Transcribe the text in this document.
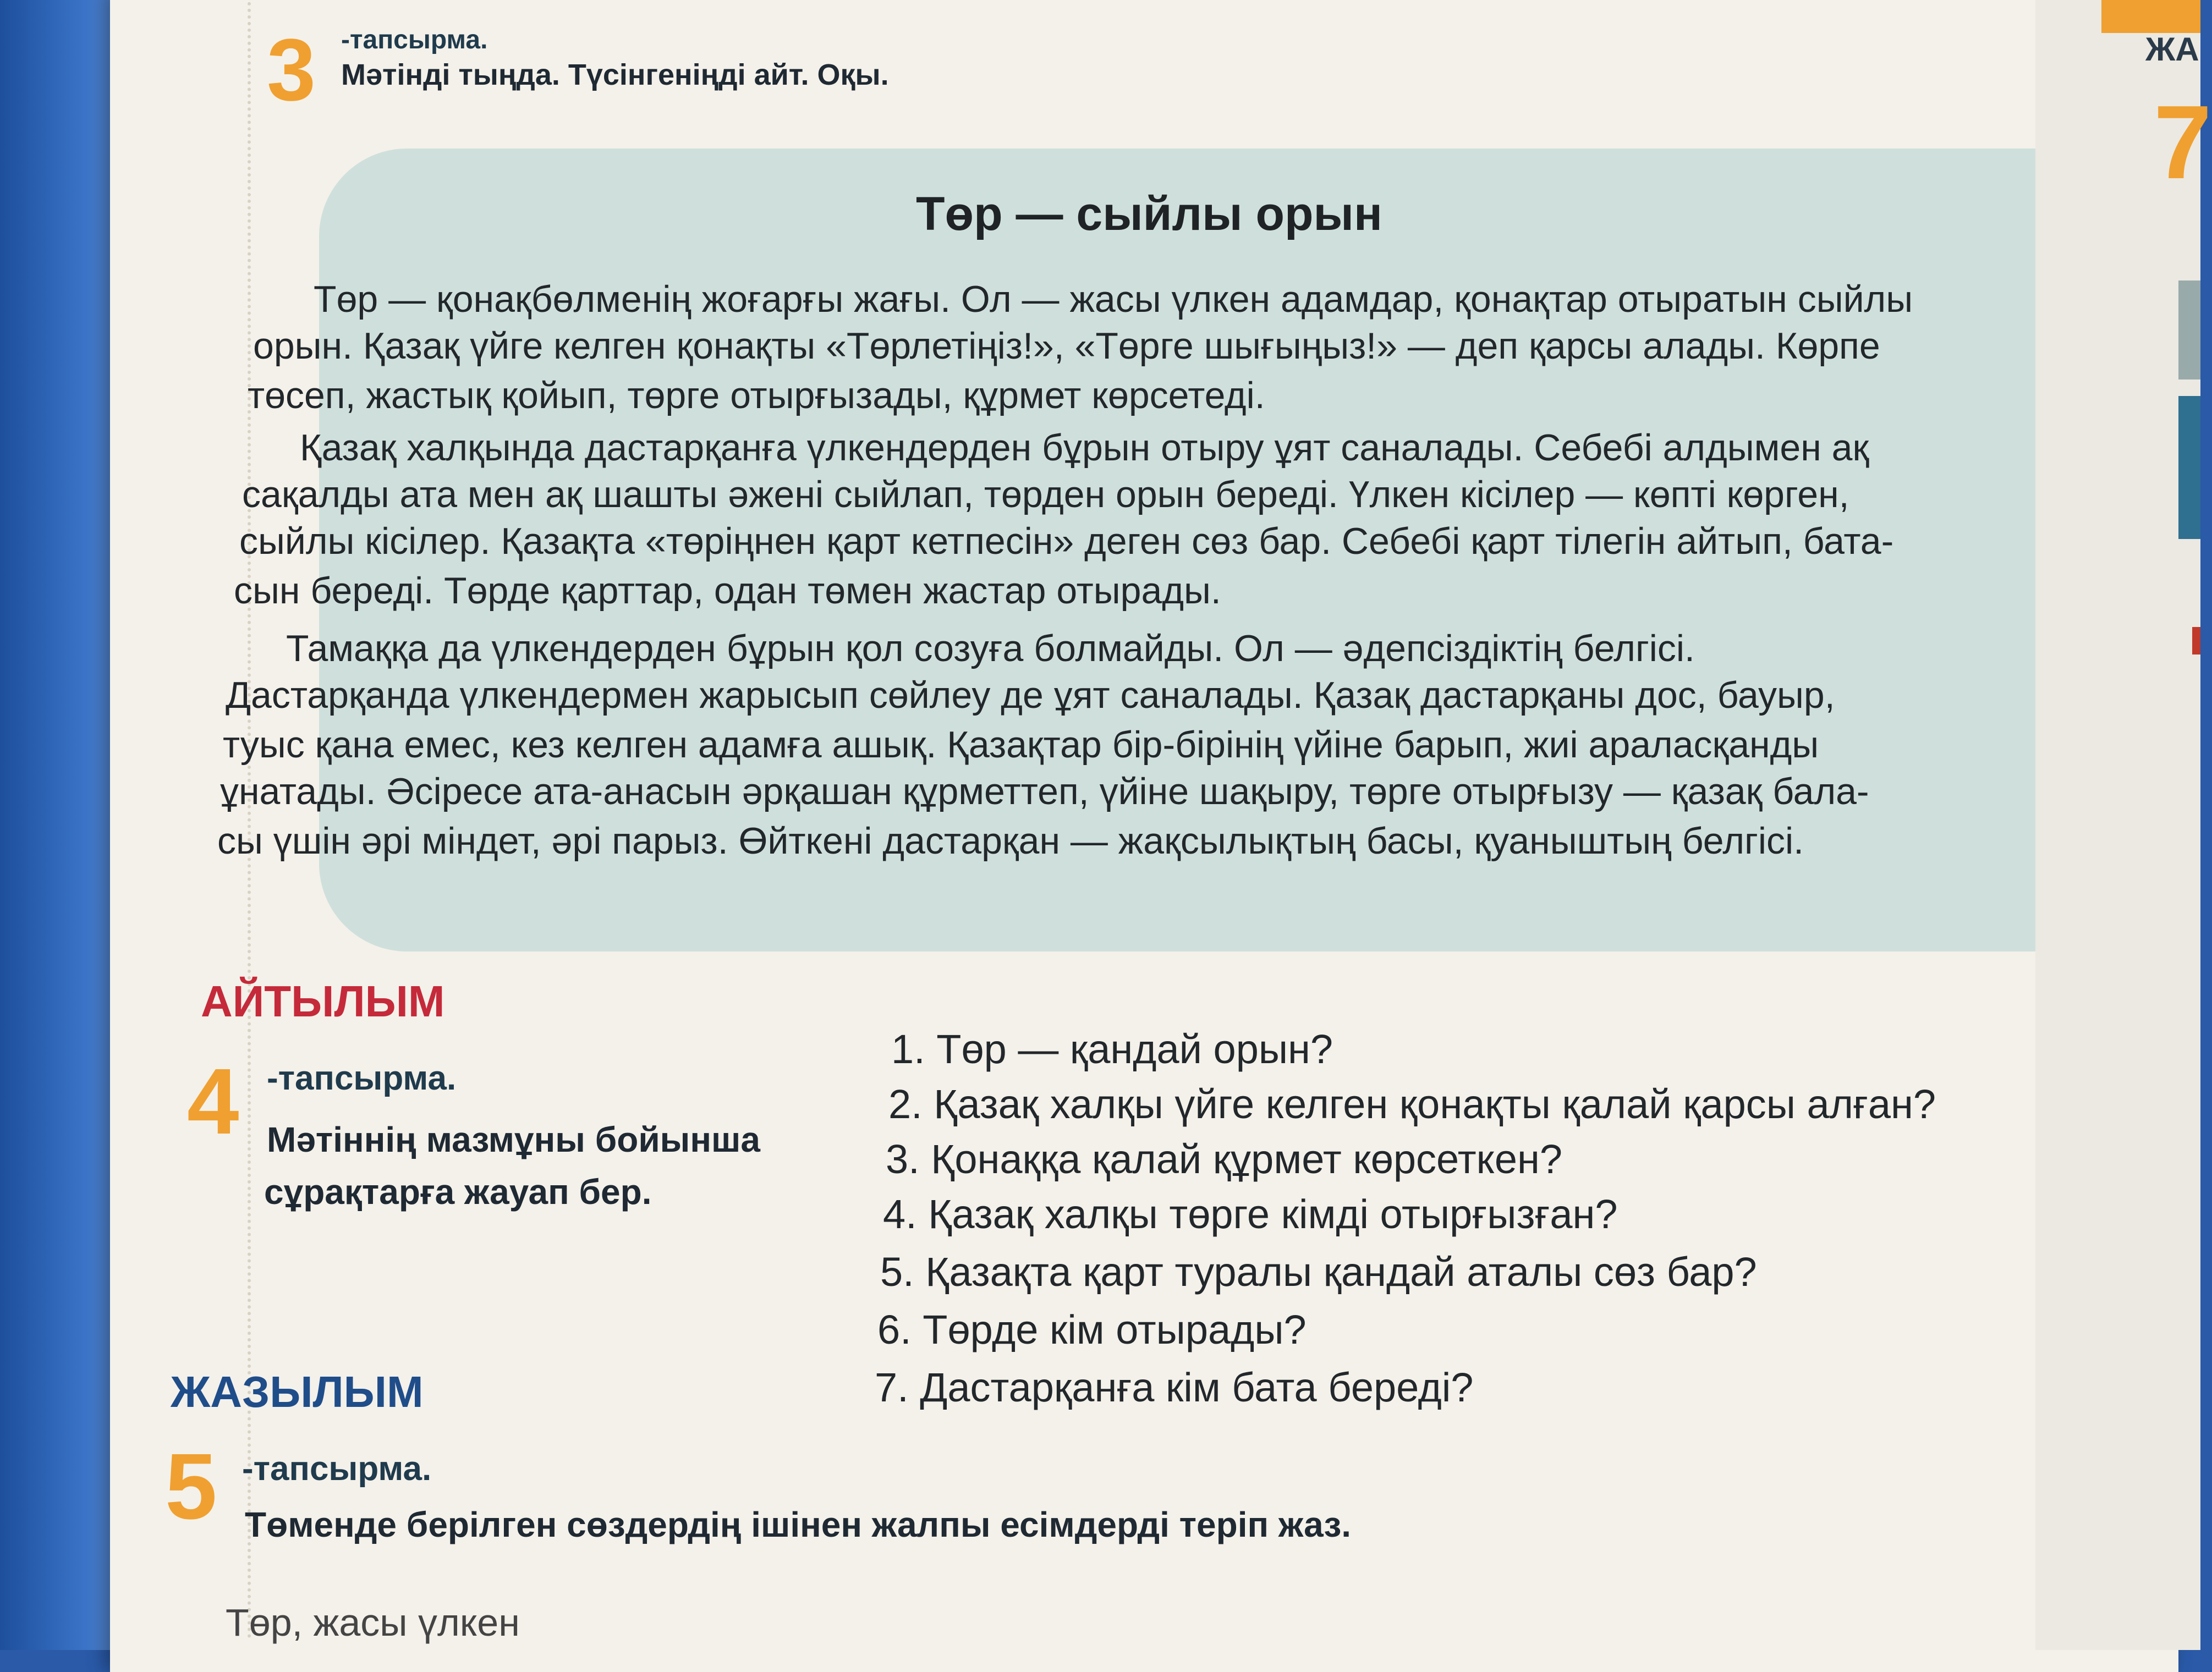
3 -тапсырма.
Мәтінді тыңда. Түсінгеніңді айт. Оқы.
Төр — сыйлы орын
Төр — қонақбөлменің жоғарғы жағы. Ол — жасы үлкен адамдар, қонақтар отыратын сыйлы
орын. Қазақ үйге келген қонақты «Төрлетіңіз!», «Төрге шығыңыз!» — деп қарсы алады. Көрпе
төсеп, жастық қойып, төрге отырғызады, құрмет көрсетеді.
Қазақ халқында дастарқанға үлкендерден бұрын отыру ұят саналады. Себебі алдымен ақ
сақалды ата мен ақ шашты әжені сыйлап, төрден орын береді. Үлкен кісілер — көпті көрген,
сыйлы кісілер. Қазақта «төріңнен қарт кетпесін» деген сөз бар. Себебі қарт тілегін айтып, бата-
сын береді. Төрде қарттар, одан төмен жастар отырады.
Тамаққа да үлкендерден бұрын қол созуға болмайды. Ол — әдепсіздіктің белгісі.
Дастарқанда үлкендермен жарысып сөйлеу де ұят саналады. Қазақ дастарқаны дос, бауыр,
туыс қана емес, кез келген адамға ашық. Қазақтар бір-бірінің үйіне барып, жиі араласқанды
ұнатады. Әсіресе ата-анасын әрқашан құрметтеп, үйіне шақыру, төрге отырғызу — қазақ бала-
сы үшін әрі міндет, әрі парыз. Өйткені дастарқан — жақсылықтың басы, қуаныштың белгісі.
АЙТЫЛЫМ
4 -тапсырма.
Мәтіннің мазмұны бойынша
сұрақтарға жауап бер.
1. Төр — қандай орын?
2. Қазақ халқы үйге келген қонақты қалай қарсы алған?
3. Қонаққа қалай құрмет көрсеткен?
4. Қазақ халқы төрге кімді отырғызған?
5. Қазақта қарт туралы қандай аталы сөз бар?
6. Төрде кім отырады?
7. Дастарқанға кім бата береді?
ЖАЗЫЛЫМ
5 -тапсырма.
Төменде берілген сөздердің ішінен жалпы есімдерді теріп жаз.
Төр, жасы үлкен
ЖА
7
